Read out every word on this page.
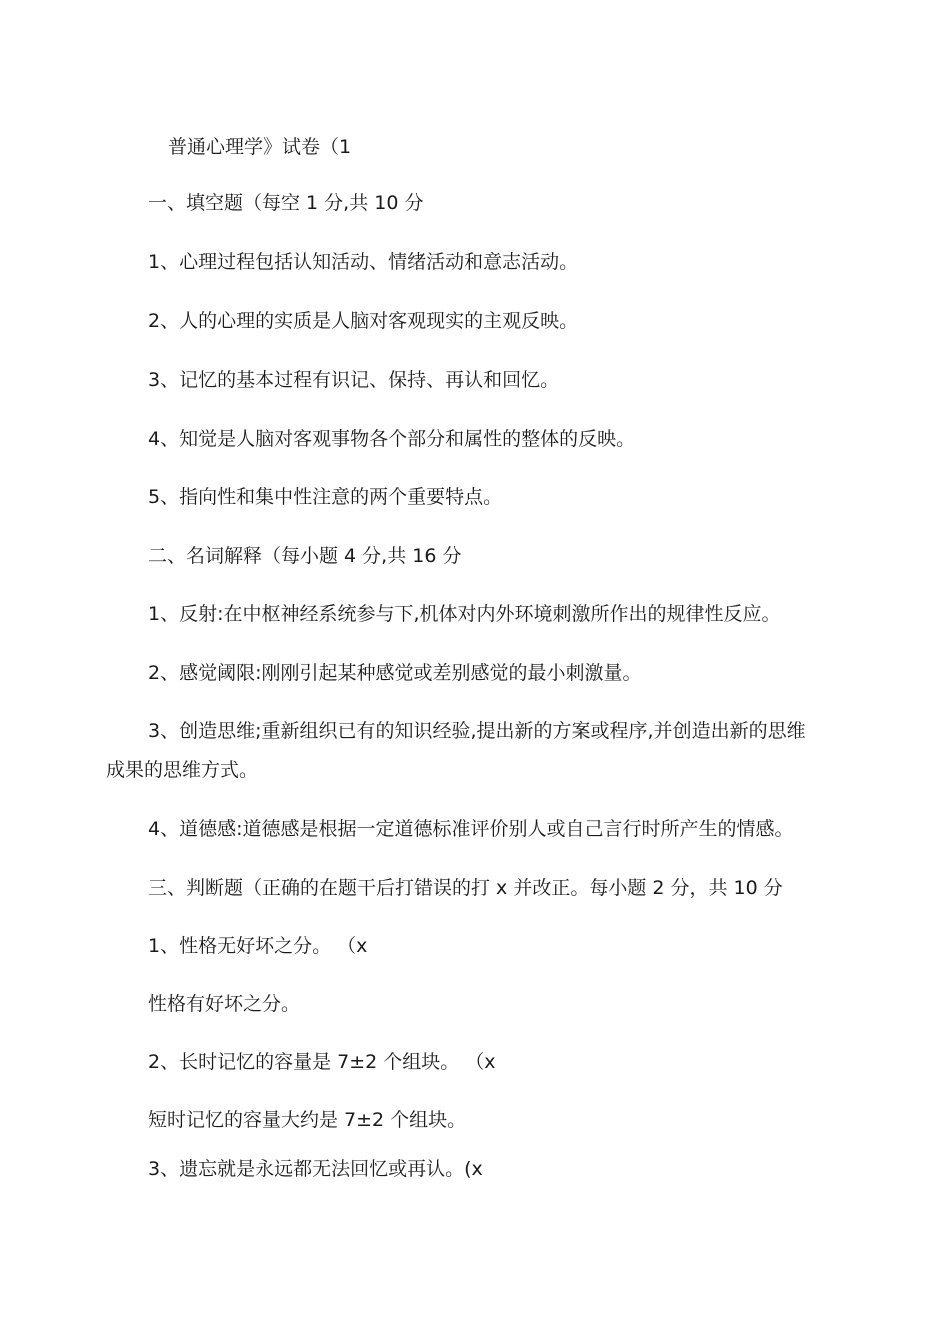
普通心理学》试卷（1
一、填空题（每空 1 分,共 10 分
1、心理过程包括认知活动、情绪活动和意志活动。
2、人的心理的实质是人脑对客观现实的主观反映。
3、记忆的基本过程有识记、保持、再认和回忆。
4、知觉是人脑对客观事物各个部分和属性的整体的反映。
5、指向性和集中性注意的两个重要特点。
二、名词解释（每小题 4 分,共 16 分
1、反射:在中枢神经系统参与下,机体对内外环境刺激所作出的规律性反应。
2、感觉阈限:刚刚引起某种感觉或差别感觉的最小刺激量。
3、创造思维;重新组织已有的知识经验,提出新的方案或程序,并创造出新的思维
成果的思维方式。
4、道德感:道德感是根据一定道德标准评价别人或自己言行时所产生的情感。
三、判断题（正确的在题干后打错误的打 x 并改正。每小题 2 分，共 10 分
1、性格无好坏之分。 （x
性格有好坏之分。
2、长时记忆的容量是 7±2 个组块。 （x
短时记忆的容量大约是 7±2 个组块。
3、遗忘就是永远都无法回忆或再认。(x
